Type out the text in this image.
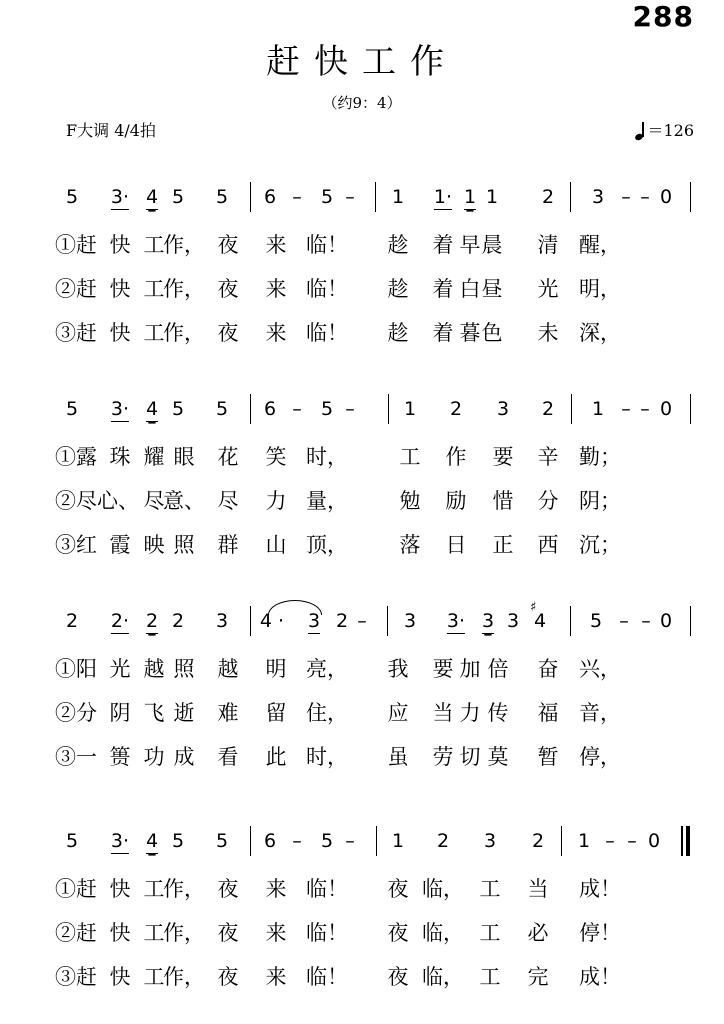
288
赶快工作
（约9：4）
F大调 4/4拍	＝126
5 3· 4 5 5 6 – 5 – 1 1· 1 1 2 3 – – 0
①赶 快 工
作， 夜 来 临！ 趁 着 早 晨 清 醒，
②赶 快 工
作， 夜 来 临！ 趁 着 白 昼 光 明，
③赶 快 工
作， 夜 来 临！ 趁 着 暮 色 未 深，
5 3· 4 5 5 6 – 5 –	1 2 3 2 1 – – 0
①露 珠 耀 眼 花 笑 时， 工 作 要 辛 勤；
②尽 心、 尽
意、 尽 力 量， 勉 励 惜 分 阴；
③红 霞 映 照 群 山 顶， 落 日 正 西 沉；
2 2· 2 2 3 4 · 3 2 – 3 3· 3 3 4
♯
5 – – 0
①阳 光 越 照 越 明 亮， 我 要 加 倍 奋 兴，
②分 阴 飞 逝 难 留 住， 应 当 力 传 福 音，
③一 篑 功 成 看 此 时， 虽 劳 切 莫 暂 停，
5 3· 4 5 5 6 – 5 – 1 2 3 2 1 – – 0
①赶 快 工
作， 夜 来 临！ 夜 临， 工 当 成！
②赶 快 工
作， 夜 来 临！ 夜 临， 工 必 停！
③赶 快 工
作， 夜 来 临！ 夜 临， 工 完 成！
